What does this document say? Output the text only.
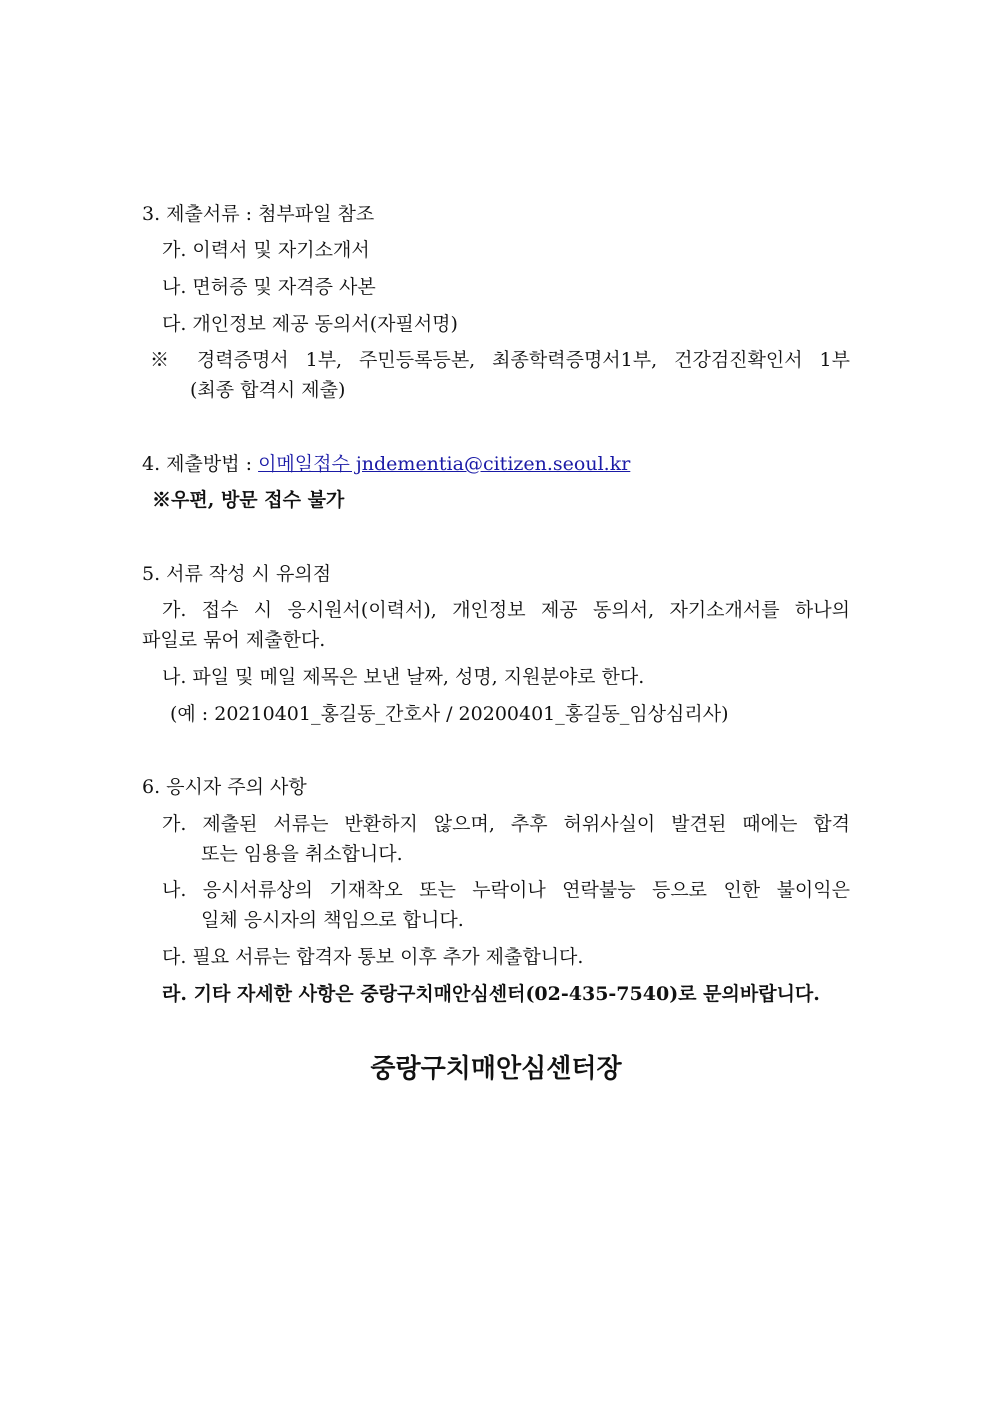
3. 제출서류 : 첨부파일 참조
가. 이력서 및 자기소개서
나. 면허증 및 자격증 사본
다. 개인정보 제공 동의서(자필서명)
※ 경력증명서 1부, 주민등록등본, 최종학력증명서1부, 건강검진확인서 1부
(최종 합격시 제출)
4. 제출방법 : 이메일접수 jndementia@citizen.seoul.kr
※우편, 방문 접수 불가
5. 서류 작성 시 유의점
가. 접수 시 응시원서(이력서), 개인정보 제공 동의서, 자기소개서를 하나의
파일로 묶어 제출한다.
나. 파일 및 메일 제목은 보낸 날짜, 성명, 지원분야로 한다.
(예 : 20210401_홍길동_간호사 / 20200401_홍길동_임상심리사)
6. 응시자 주의 사항
가. 제출된 서류는 반환하지 않으며, 추후 허위사실이 발견된 때에는 합격
또는 임용을 취소합니다.
나. 응시서류상의 기재착오 또는 누락이나 연락불능 등으로 인한 불이익은
일체 응시자의 책임으로 합니다.
다. 필요 서류는 합격자 통보 이후 추가 제출합니다.
라. 기타 자세한 사항은 중랑구치매안심센터(02-435-7540)로 문의바랍니다.
중랑구치매안심센터장
